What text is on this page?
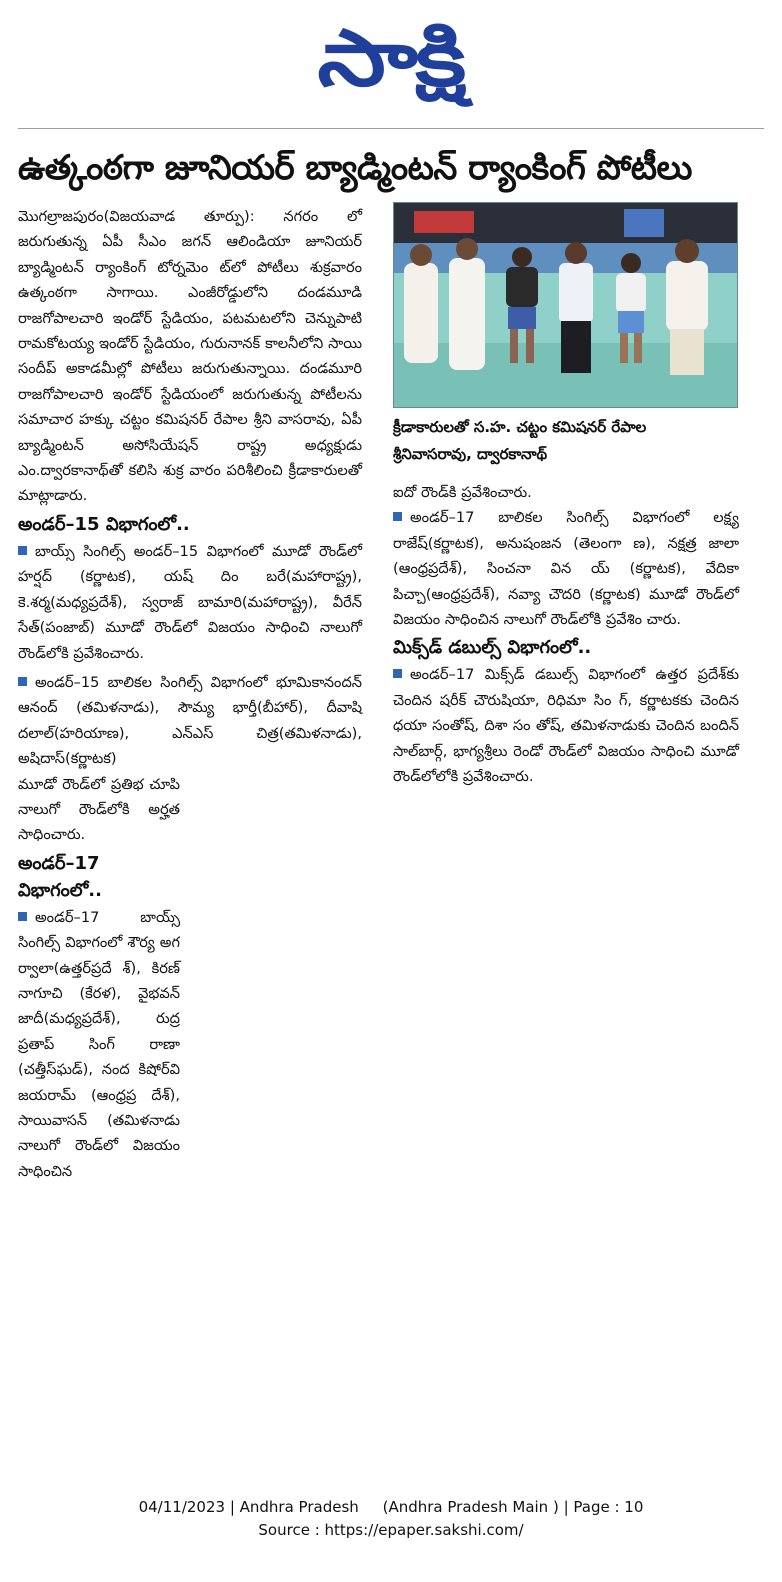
సాక్షి
ఉత్కంఠగా జూనియర్ బ్యాడ్మింటన్ ర్యాంకింగ్ పోటీలు
క్రీడాకారులతో స.హ. చట్టం కమిషనర్ రేపాల
శ్రీనివాసరావు, ద్వారకానాథ్

మొగల్రాజపురం(విజయవాడ తూర్పు): నగరం లో జరుగుతున్న ఏపీ సీఎం జగన్ ఆలిండియా జూనియర్ బ్యాడ్మింటన్ ర్యాంకింగ్ టోర్నమెం ట్‌లో పోటీలు శుక్రవారం ఉత్కంఠగా సాగాయి. ఎంజీరోడ్డులోని దండమూడి రాజగోపాలచారి ఇండోర్ స్టేడియం, పటమటలోని చెన్నుపాటి రామకోటయ్య ఇండోర్ స్టేడియం, గురునానక్ కాలనీలోని సాయి సందీప్ అకాడమీల్లో పోటీలు జరుగుతున్నాయి. దండమూరి రాజగోపాలచారి ఇండోర్ స్టేడియంలో జరుగుతున్న పోటీలను సమాచార హక్కు చట్టం కమిషనర్ రేపాల శ్రీని వాసరావు, ఏపీ బ్యాడ్మింటన్ అసోసియేషన్ రాష్ట్ర అధ్యక్షుడు ఎం.ద్వారకానాథ్‌తో కలిసి శుక్ర వారం పరిశీలించి క్రీడాకారులతో మాట్లాడారు.

అండర్–15 విభాగంలో..

బాయ్స్ సింగిల్స్ అండర్–15 విభాగంలో మూడో రౌండ్‌లో హర్షద్ (కర్ణాటక), యష్ దిం బరే(మహారాష్ట్ర), కె.శర్మ(మధ్యప్రదేశ్), స్వరాజ్ బామారి(మహారాష్ట్ర), వీరేన్ సేత్(పంజాబ్) మూడో రౌండ్‌లో విజయం సాధించి నాలుగో రౌండ్‌లోకి ప్రవేశించారు.

అండర్–15 బాలికల సింగిల్స్ విభాగంలో భూమికానందన్ ఆనంద్ (తమిళనాడు), సౌమ్య భార్తీ(బీహార్), దీవాషి దలాల్(హరియాణ), ఎన్ఎస్ చిత్ర(తమిళనాడు), అషిదాస్(కర్ణాటక)

మూడో రౌండ్‌లో ప్రతిభ చూపి నాలుగో రౌండ్‌లోకి అర్హత సాధించారు.

అండర్–17 విభాగంలో..

అండర్–17 బాయ్స్ సింగిల్స్ విభాగంలో శౌర్య అగ ర్వాలా(ఉత్తర్‌ప్రదే శ్), కిరణ్ నాగూచి (కేరళ), వైభవన్ జాదీ(మధ్యప్రదేశ్), రుద్ర ప్రతాప్ సింగ్ రాణా (చత్తీస్‌ఘడ్), నంద కిషోర్‌వి జయరామ్ (ఆంధ్రప్ర దేశ్), సాయివాసన్ (తమిళనాడు నాలుగో రౌండ్‌లో విజయం సాధించిన

ఐదో రౌండ్‌కి ప్రవేశించారు.

అండర్–17 బాలికల సింగిల్స్ విభాగంలో లక్ష్య రాజేష్(కర్ణాటక), అనుషంజన (తెలంగా ణ), నక్షత్ర జాలా (ఆంధ్రప్రదేశ్), సించనా విన య్ (కర్ణాటక), వేదికా పిచ్చా(ఆంధ్రప్రదేశ్), నవ్యా చౌదరి (కర్ణాటక) మూడో రౌండ్‌లో విజయం సాధించిన నాలుగో రౌండ్‌లోకి ప్రవేశిం చారు.

మిక్స్‌డ్ డబుల్స్ విభాగంలో..

అండర్–17 మిక్స్‌డ్ డబుల్స్ విభాగంలో ఉత్తర ప్రదేశ్‌కు చెందిన షరీక్ చౌరుషియా, రిధిమా సిం గ్, కర్ణాటకకు చెందిన ధయా సంతోష్, దిశా సం తోష్, తమిళనాడుకు చెందిన బందిన్ సాల్‌బార్గ్, భాగ్యశ్రీలు రెండో రౌండ్‌లో విజయం సాధించి మూడో రౌండ్‌లోలోకి ప్రవేశించారు.

04/11/2023 | Andhra Pradesh     (Andhra Pradesh Main ) | Page : 10
Source : https://epaper.sakshi.com/
